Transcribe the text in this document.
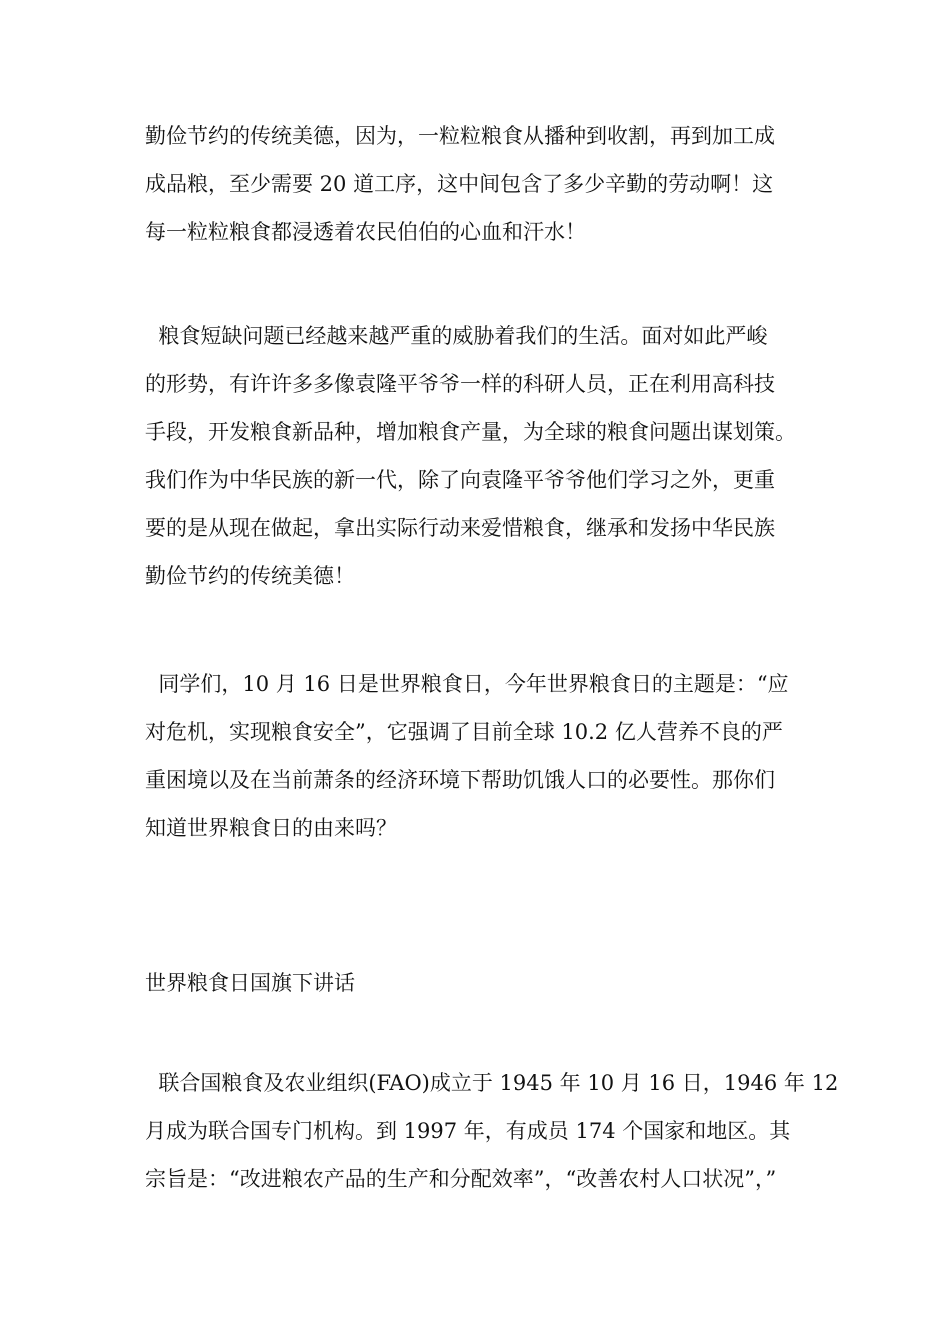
勤俭节约的传统美德，因为，一粒粒粮食从播种到收割，再到加工成
成品粮，至少需要 20 道工序，这中间包含了多少辛勤的劳动啊！这
每一粒粒粮食都浸透着农民伯伯的心血和汗水！
粮食短缺问题已经越来越严重的威胁着我们的生活。面对如此严峻
的形势，有许许多多像袁隆平爷爷一样的科研人员，正在利用高科技
手段，开发粮食新品种，增加粮食产量，为全球的粮食问题出谋划策。
我们作为中华民族的新一代，除了向袁隆平爷爷他们学习之外，更重
要的是从现在做起，拿出实际行动来爱惜粮食，继承和发扬中华民族
勤俭节约的传统美德！
同学们，10 月 16 日是世界粮食日，今年世界粮食日的主题是：“应
对危机，实现粮食安全”，它强调了目前全球 10.2 亿人营养不良的严
重困境以及在当前萧条的经济环境下帮助饥饿人口的必要性。那你们
知道世界粮食日的由来吗？
世界粮食日国旗下讲话
联合国粮食及农业组织(FAO)成立于 1945 年 10 月 16 日，1946 年 12
月成为联合国专门机构。到 1997 年，有成员 174 个国家和地区。其
宗旨是：“改进粮农产品的生产和分配效率”，“改善农村人口状况”，”
